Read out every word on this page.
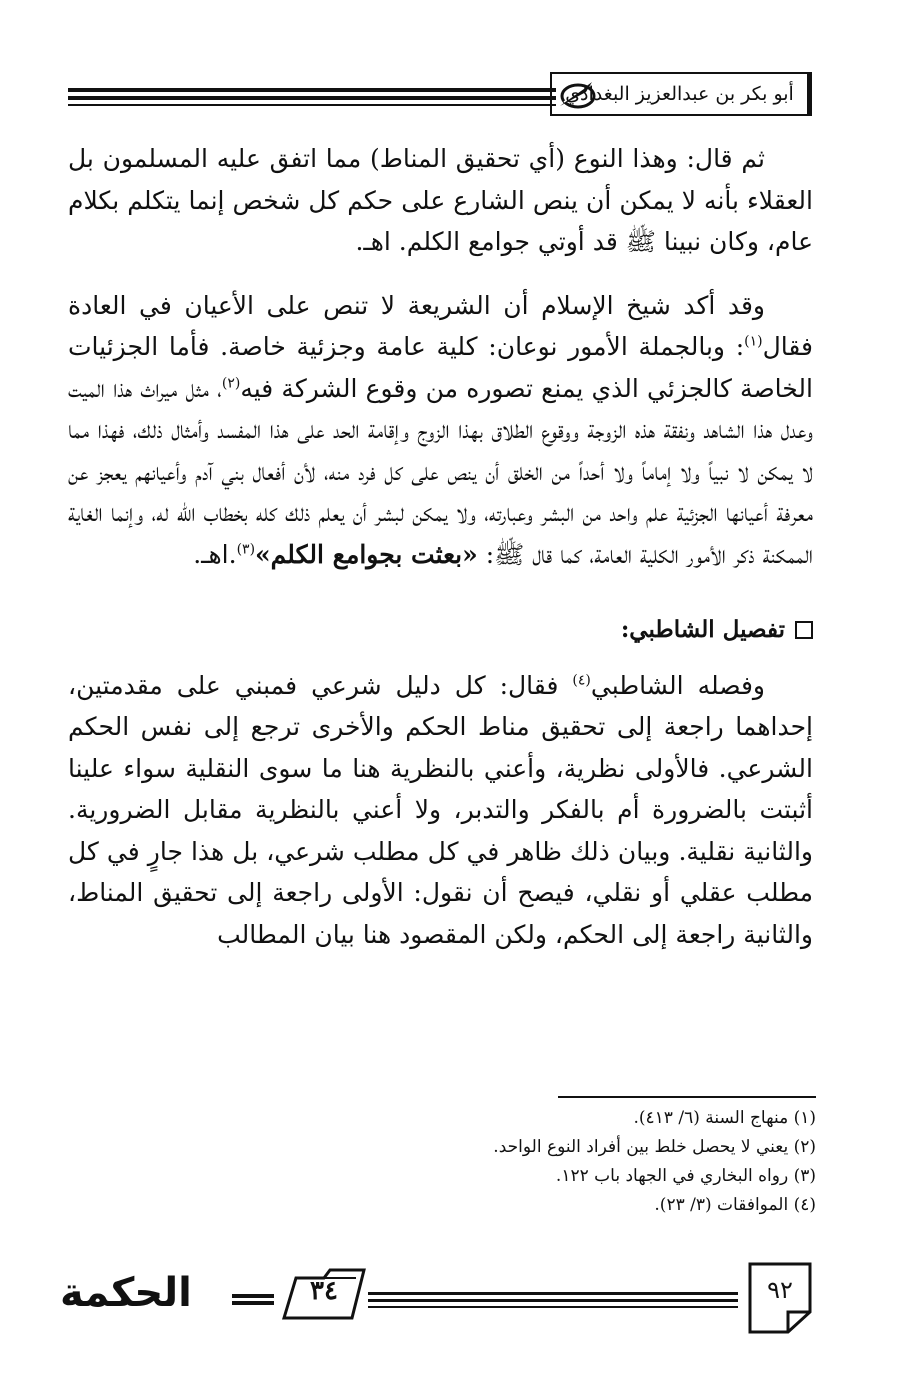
أبو بكر بن عبدالعزيز البغدادي

ثم قال: وهذا النوع (أي تحقيق المناط) مما اتفق عليه المسلمون بل العقلاء بأنه لا يمكن أن ينص الشارع على حكم كل شخص إنما يتكلم بكلام عام، وكان نبينا ﷺ قد أوتي جوامع الكلم. اهـ.

وقد أكد شيخ الإسلام أن الشريعة لا تنص على الأعيان في العادة فقال$^{(١)}$: وبالجملة الأمور نوعان: كلية عامة وجزئية خاصة. فأما الجزئيات الخاصة كالجزئي الذي يمنع تصوره من وقوع الشركة فيه$^{(٢)}$، مثل ميراث هذا الميت وعدل هذا الشاهد ونفقة هذه الزوجة ووقوع الطلاق بهذا الزوج وإقامة الحد على هذا المفسد وأمثال ذلك، فهذا مما لا يمكن لا نبياً ولا إماماً ولا أحداً من الخلق أن ينص على كل فرد منه، لأن أفعال بني آدم وأعيانهم يعجز عن معرفة أعيانها الجزئية علم واحد من البشر وعبارته، ولا يمكن لبشر أن يعلم ذلك كله بخطاب الله له، وإنما الغاية الممكنة ذكر الأمور الكلية العامة، كما قال ﷺ: «بعثت بجوامع الكلم»$^{(٣)}$.اهـ.

تفصيل الشاطبي:

وفصله الشاطبي$^{(٤)}$ فقال: كل دليل شرعي فمبني على مقدمتين، إحداهما راجعة إلى تحقيق مناط الحكم والأخرى ترجع إلى نفس الحكم الشرعي. فالأولى نظرية، وأعني بالنظرية هنا ما سوى النقلية سواء علينا أثبتت بالضرورة أم بالفكر والتدبر، ولا أعني بالنظرية مقابل الضرورية. والثانية نقلية. وبيان ذلك ظاهر في كل مطلب شرعي، بل هذا جارٍ في كل مطلب عقلي أو نقلي، فيصح أن نقول: الأولى راجعة إلى تحقيق المناط، والثانية راجعة إلى الحكم، ولكن المقصود هنا بيان المطالب

(١) منهاج السنة (٦/ ٤١٣).

(٢) يعني لا يحصل خلط بين أفراد النوع الواحد.

(٣) رواه البخاري في الجهاد باب ١٢٢.

(٤) الموافقات (٣/ ٢٣).

الحكمة	٣٤	٩٢
